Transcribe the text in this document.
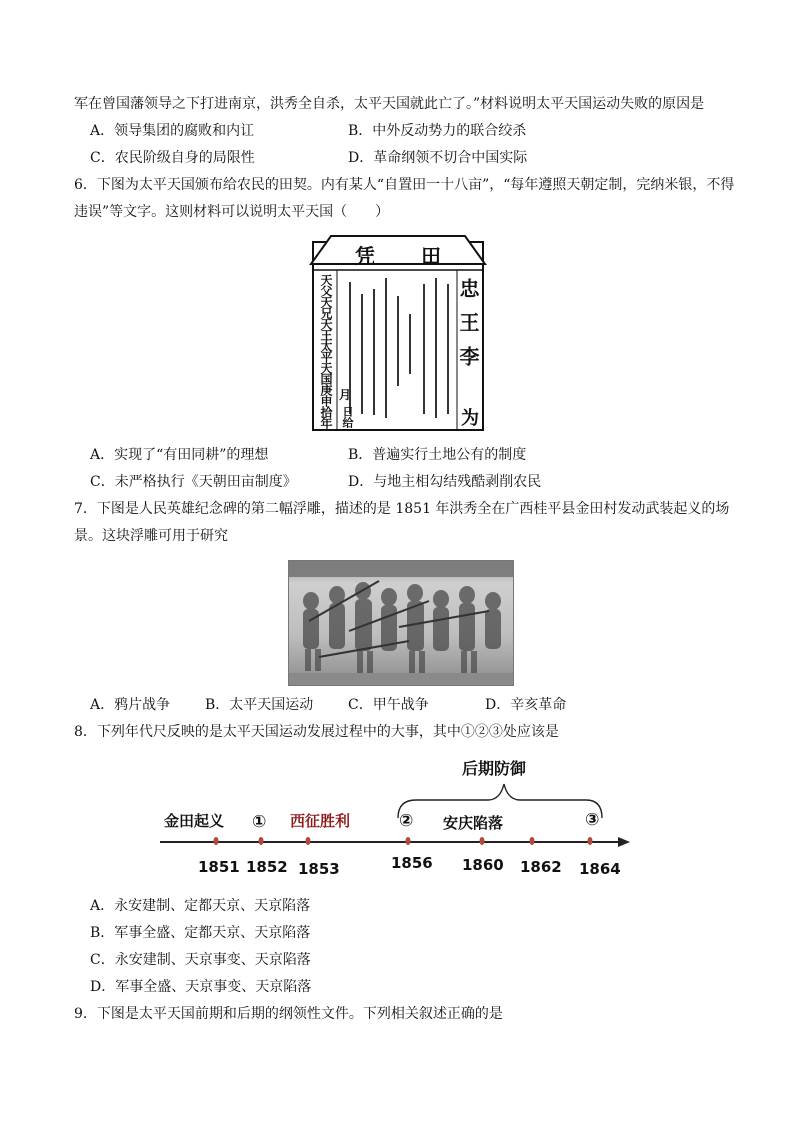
军在曾国藩领导之下打进南京，洪秀全自杀，太平天国就此亡了。”材料说明太平天国运动失败的原因是
A．领导集团的腐败和内讧	B．中外反动势力的联合绞杀
C．农民阶级自身的局限性	D．革命纲领不切合中国实际
6．下图为太平天国颁布给农民的田契。内有某人“自置田一十八亩”，“每年遵照天朝定制，完纳米银，不得
违误”等文字。这则材料可以说明太平天国（　　）
凭　　田
忠王李
为
天父天兄天王太平天国庚申拾年 月
日给
A．实现了“有田同耕”的理想	B．普遍实行土地公有的制度
C．未严格执行《天朝田亩制度》	D．与地主相勾结残酷剥削农民
7．下图是人民英雄纪念碑的第二幅浮雕，描述的是 1851 年洪秀全在广西桂平县金田村发动武装起义的场
景。这块浮雕可用于研究
A．鸦片战争 B．太平天国运动 C．甲午战争	D．辛亥革命
8．下列年代尺反映的是太平天国运动发展过程中的大事，其中①②③处应该是
后期防御
金田起义 ① 西征胜利	② 安庆陷落	③
1851 1852 1853	1856 1860 1862 1864
A．永安建制、定都天京、天京陷落
B．军事全盛、定都天京、天京陷落
C．永安建制、天京事变、天京陷落
D．军事全盛、天京事变、天京陷落
9．下图是太平天国前期和后期的纲领性文件。下列相关叙述正确的是
